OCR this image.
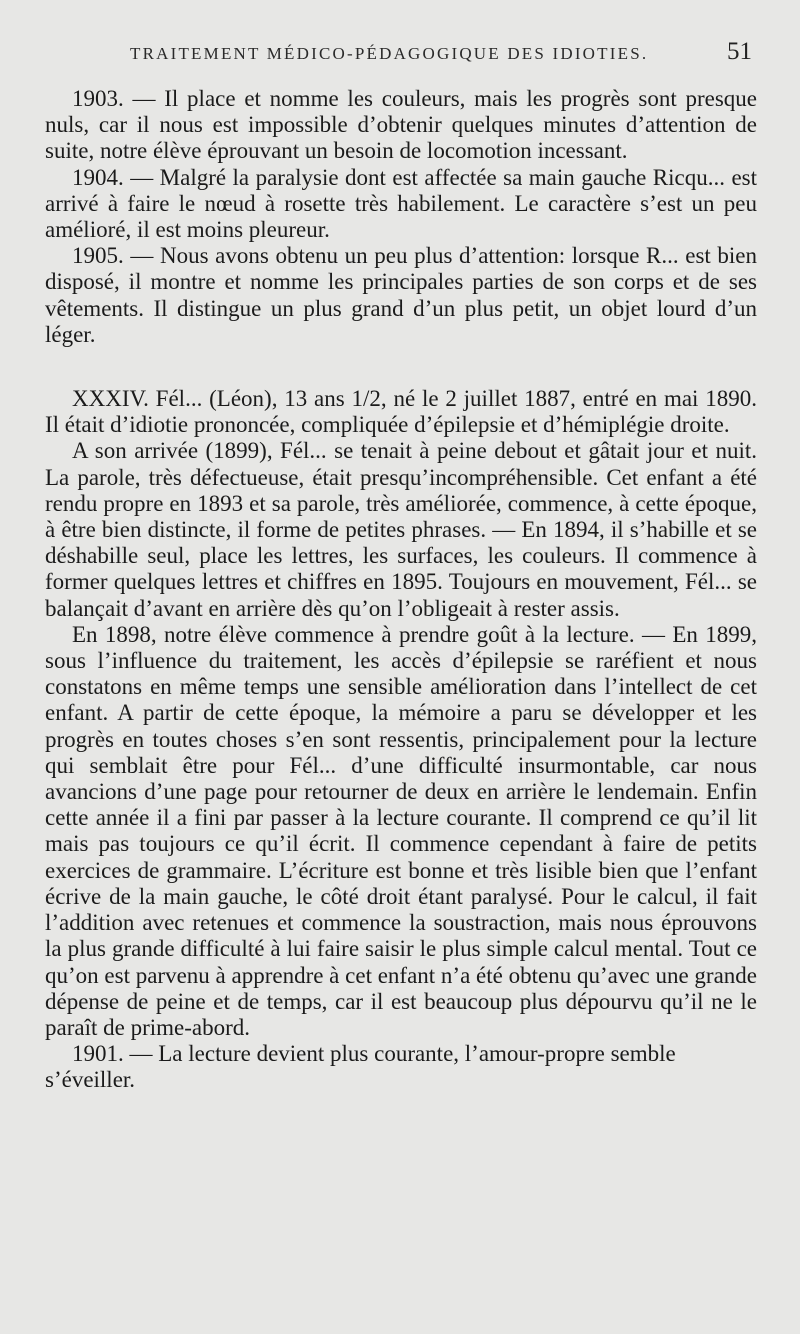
TRAITEMENT MÉDICO-PÉDAGOGIQUE DES IDIOTIES.	51

1903. — Il place et nomme les couleurs, mais les progrès sont presque nuls, car il nous est impossible d’obtenir quelques minutes d’attention de suite, notre élève éprouvant un besoin de locomotion incessant.

1904. — Malgré la paralysie dont est affectée sa main gauche Ricqu... est arrivé à faire le nœud à rosette très habilement. Le caractère s’est un peu amélioré, il est moins pleureur.

1905. — Nous avons obtenu un peu plus d’attention: lorsque R... est bien disposé, il montre et nomme les principales parties de son corps et de ses vêtements. Il distingue un plus grand d’un plus petit, un objet lourd d’un léger.

XXXIV. Fél... (Léon), 13 ans 1/2, né le 2 juillet 1887, entré en mai 1890. Il était d’idiotie prononcée, compliquée d’épilepsie et d’hémiplégie droite.

A son arrivée (1899), Fél... se tenait à peine debout et gâtait jour et nuit. La parole, très défectueuse, était presqu’incompréhensible. Cet enfant a été rendu propre en 1893 et sa parole, très améliorée, commence, à cette époque, à être bien distincte, il forme de petites phrases. — En 1894, il s’habille et se déshabille seul, place les lettres, les surfaces, les couleurs. Il commence à former quelques lettres et chiffres en 1895. Toujours en mouvement, Fél... se balançait d’avant en arrière dès qu’on l’obligeait à rester assis.

En 1898, notre élève commence à prendre goût à la lecture. — En 1899, sous l’influence du traitement, les accès d’épilepsie se raréfient et nous constatons en même temps une sensible amélioration dans l’intellect de cet enfant. A partir de cette époque, la mémoire a paru se développer et les progrès en toutes choses s’en sont ressentis, principalement pour la lecture qui semblait être pour Fél... d’une difficulté insurmontable, car nous avancions d’une page pour retourner de deux en arrière le lendemain. Enfin cette année il a fini par passer à la lecture courante. Il comprend ce qu’il lit mais pas toujours ce qu’il écrit. Il commence cependant à faire de petits exercices de grammaire. L’écriture est bonne et très lisible bien que l’enfant écrive de la main gauche, le côté droit étant paralysé. Pour le calcul, il fait l’addition avec retenues et commence la soustraction, mais nous éprouvons la plus grande difficulté à lui faire saisir le plus simple calcul mental. Tout ce qu’on est parvenu à apprendre à cet enfant n’a été obtenu qu’avec une grande dépense de peine et de temps, car il est beaucoup plus dépourvu qu’il ne le paraît de prime-abord.

1901. — La lecture devient plus courante, l’amour-propre semble s’éveiller.
